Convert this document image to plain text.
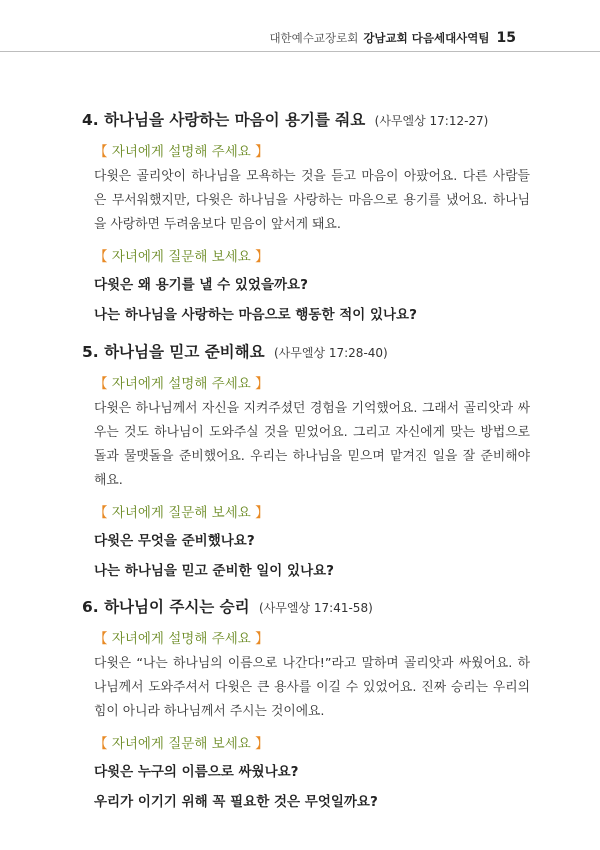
대한예수교장로회 강남교회 다음세대사역팀 15
4. 하나님을 사랑하는 마음이 용기를 줘요 (사무엘상 17:12-27)
【 자녀에게 설명해 주세요 】
다윗은 골리앗이 하나님을 모욕하는 것을 듣고 마음이 아팠어요. 다른 사람들은 무서워했지만, 다윗은 하나님을 사랑하는 마음으로 용기를 냈어요. 하나님을 사랑하면 두려움보다 믿음이 앞서게 돼요.
【 자녀에게 질문해 보세요 】
다윗은 왜 용기를 낼 수 있었을까요?
나는 하나님을 사랑하는 마음으로 행동한 적이 있나요?
5. 하나님을 믿고 준비해요 (사무엘상 17:28-40)
【 자녀에게 설명해 주세요 】
다윗은 하나님께서 자신을 지켜주셨던 경험을 기억했어요. 그래서 골리앗과 싸우는 것도 하나님이 도와주실 것을 믿었어요. 그리고 자신에게 맞는 방법으로 돌과 물맷돌을 준비했어요. 우리는 하나님을 믿으며 맡겨진 일을 잘 준비해야 해요.
【 자녀에게 질문해 보세요 】
다윗은 무엇을 준비했나요?
나는 하나님을 믿고 준비한 일이 있나요?
6. 하나님이 주시는 승리 (사무엘상 17:41-58)
【 자녀에게 설명해 주세요 】
다윗은 “나는 하나님의 이름으로 나간다!”라고 말하며 골리앗과 싸웠어요. 하나님께서 도와주셔서 다윗은 큰 용사를 이길 수 있었어요. 진짜 승리는 우리의 힘이 아니라 하나님께서 주시는 것이에요.
【 자녀에게 질문해 보세요 】
다윗은 누구의 이름으로 싸웠나요?
우리가 이기기 위해 꼭 필요한 것은 무엇일까요?
